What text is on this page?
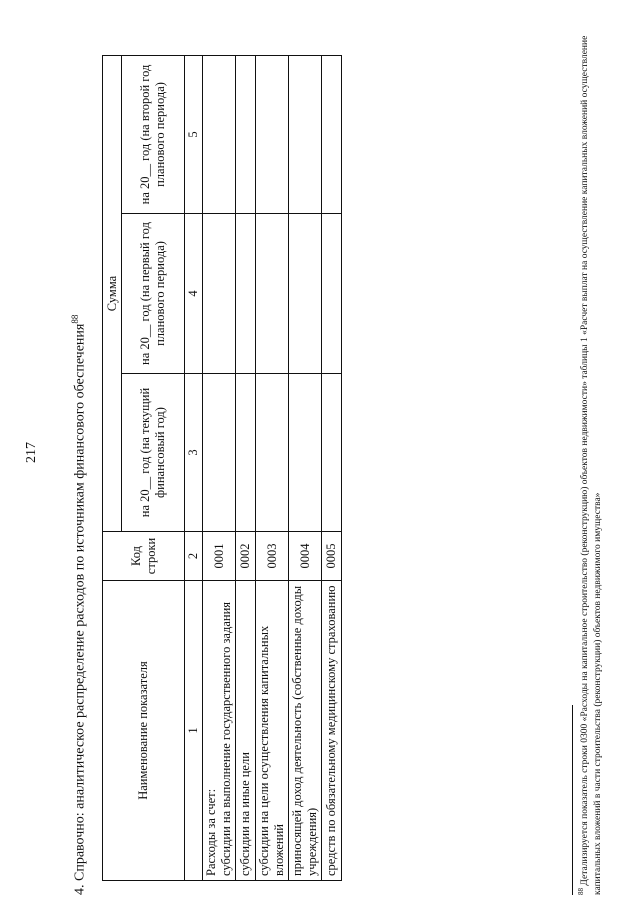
217 4. Справочно: аналитическое распределение расходов по источникам финансового обеспечения$^{88}$
Наименование показателя	Код строки	Сумма		
		на 20__ год (на текущий финансовый год)	на 20__ год (на первый год планового периода)	на 20__ год (на второй год планового периода)
1	2	3	4	5

Расходы за счет: субсидии на выполнение государственного задания	0001			
субсидии на иные цели	0002			
субсидии на цели осуществления капитальных вложений	0003			
приносящей доход деятельность (собственные доходы учреждения)	0004			
средств по обязательному медицинскому страхованию	0005			
$^{88}$ Детализируется показатель строки 0300 «Расходы на капитальное строительство (реконструкцию) объектов недвижимости» таблицы 1 «Расчет выплат на осуществление капитальных вложений осуществление капитальных вложений в части строительства (реконструкции) объектов недвижимого имущества»
